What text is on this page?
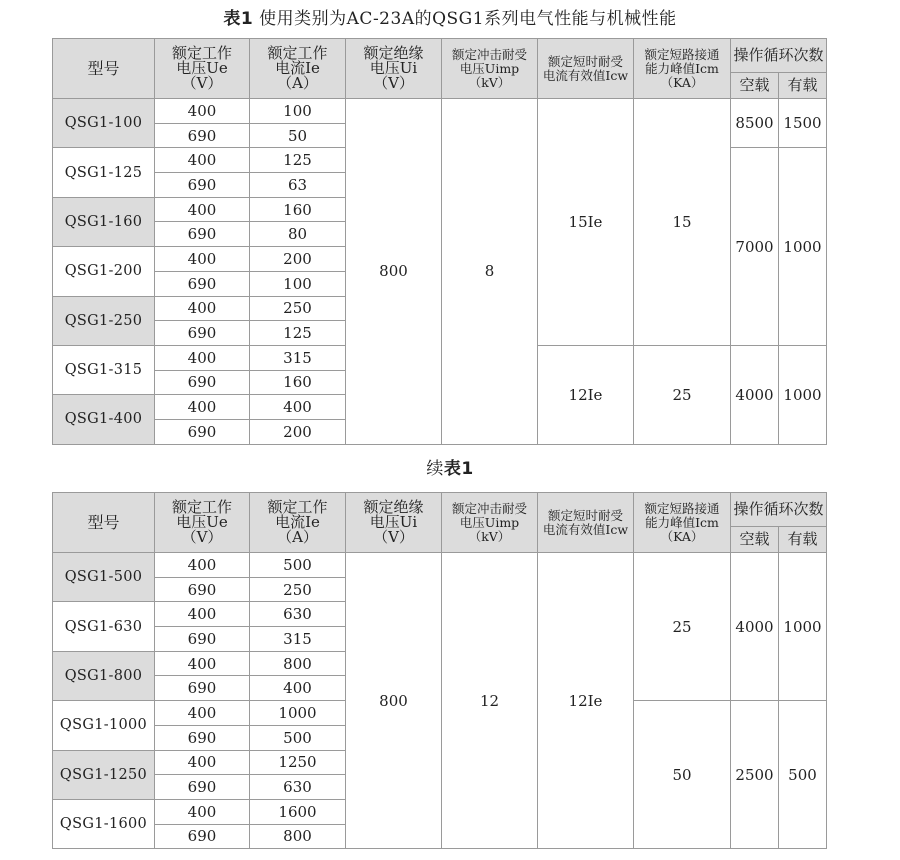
表1 使用类别为AC-23A的QSG1系列电气性能与机械性能

型号	额定工作
电压Ue
（V）	额定工作
电流Ie
（A）	额定绝缘
电压Ui
（V）	额定冲击耐受
电压Uimp
（kV）	额定短时耐受
电流有效值Icw	额定短路接通
能力峰值Icm
（KA）	操作循环次数	
							空载	有载
QSG1-100	400	100	800	8	15Ie	15	8500	1500
	690	50						
QSG1-125	400	125					7000	1000
	690	63						
QSG1-160	400	160						
	690	80						
QSG1-200	400	200						
	690	100						
QSG1-250	400	250						
	690	125						
QSG1-315	400	315			12Ie	25	4000	1000
	690	160						
QSG1-400	400	400						
	690	200						

续表1

型号	额定工作
电压Ue
（V）	额定工作
电流Ie
（A）	额定绝缘
电压Ui
（V）	额定冲击耐受
电压Uimp
（kV）	额定短时耐受
电流有效值Icw	额定短路接通
能力峰值Icm
（KA）	操作循环次数	
							空载	有载
QSG1-500	400	500	800	12	12Ie	25	4000	1000
	690	250						
QSG1-630	400	630						
	690	315						
QSG1-800	400	800						
	690	400						
QSG1-1000	400	1000				50	2500	500
	690	500						
QSG1-1250	400	1250						
	690	630						
QSG1-1600	400	1600						
	690	800						
